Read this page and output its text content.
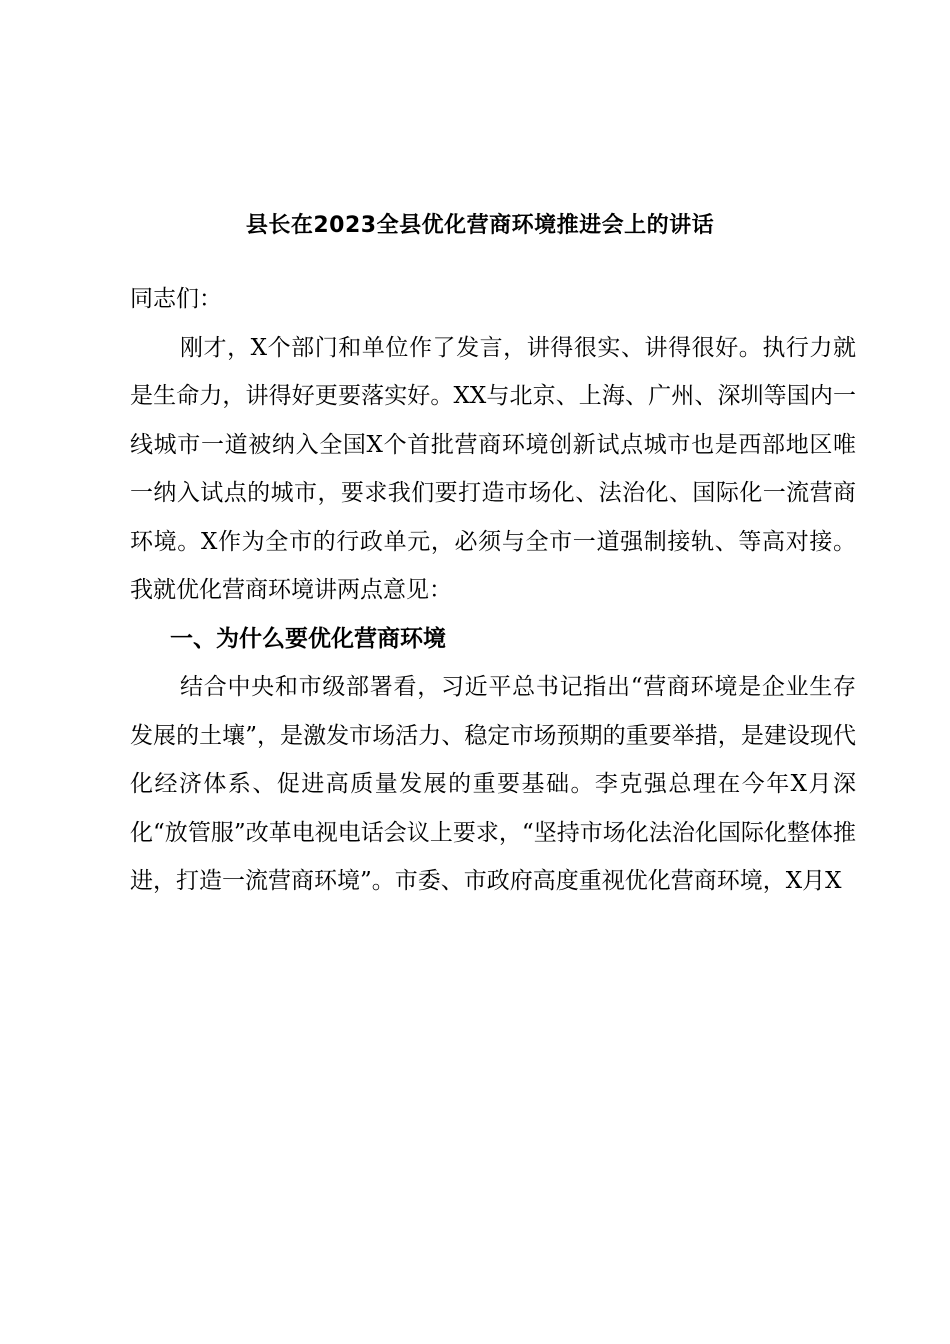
县长在2023全县优化营商环境推进会上的讲话

同志们：

刚才，X个部门和单位作了发言，讲得很实、讲得很好。执行力就是生命力，讲得好更要落实好。XX与北京、上海、广州、深圳等国内一线城市一道被纳入全国X个首批营商环境创新试点城市也是西部地区唯一纳入试点的城市，要求我们要打造市场化、法治化、国际化一流营商环境。X作为全市的行政单元，必须与全市一道强制接轨、等高对接。我就优化营商环境讲两点意见：

一、为什么要优化营商环境

结合中央和市级部署看，习近平总书记指出“营商环境是企业生存发展的土壤”，是激发市场活力、稳定市场预期的重要举措，是建设现代化经济体系、促进高质量发展的重要基础。李克强总理在今年X月深化“放管服”改革电视电话会议上要求，“坚持市场化法治化国际化整体推进，打造一流营商环境”。市委、市政府高度重视优化营商环境，X月X
